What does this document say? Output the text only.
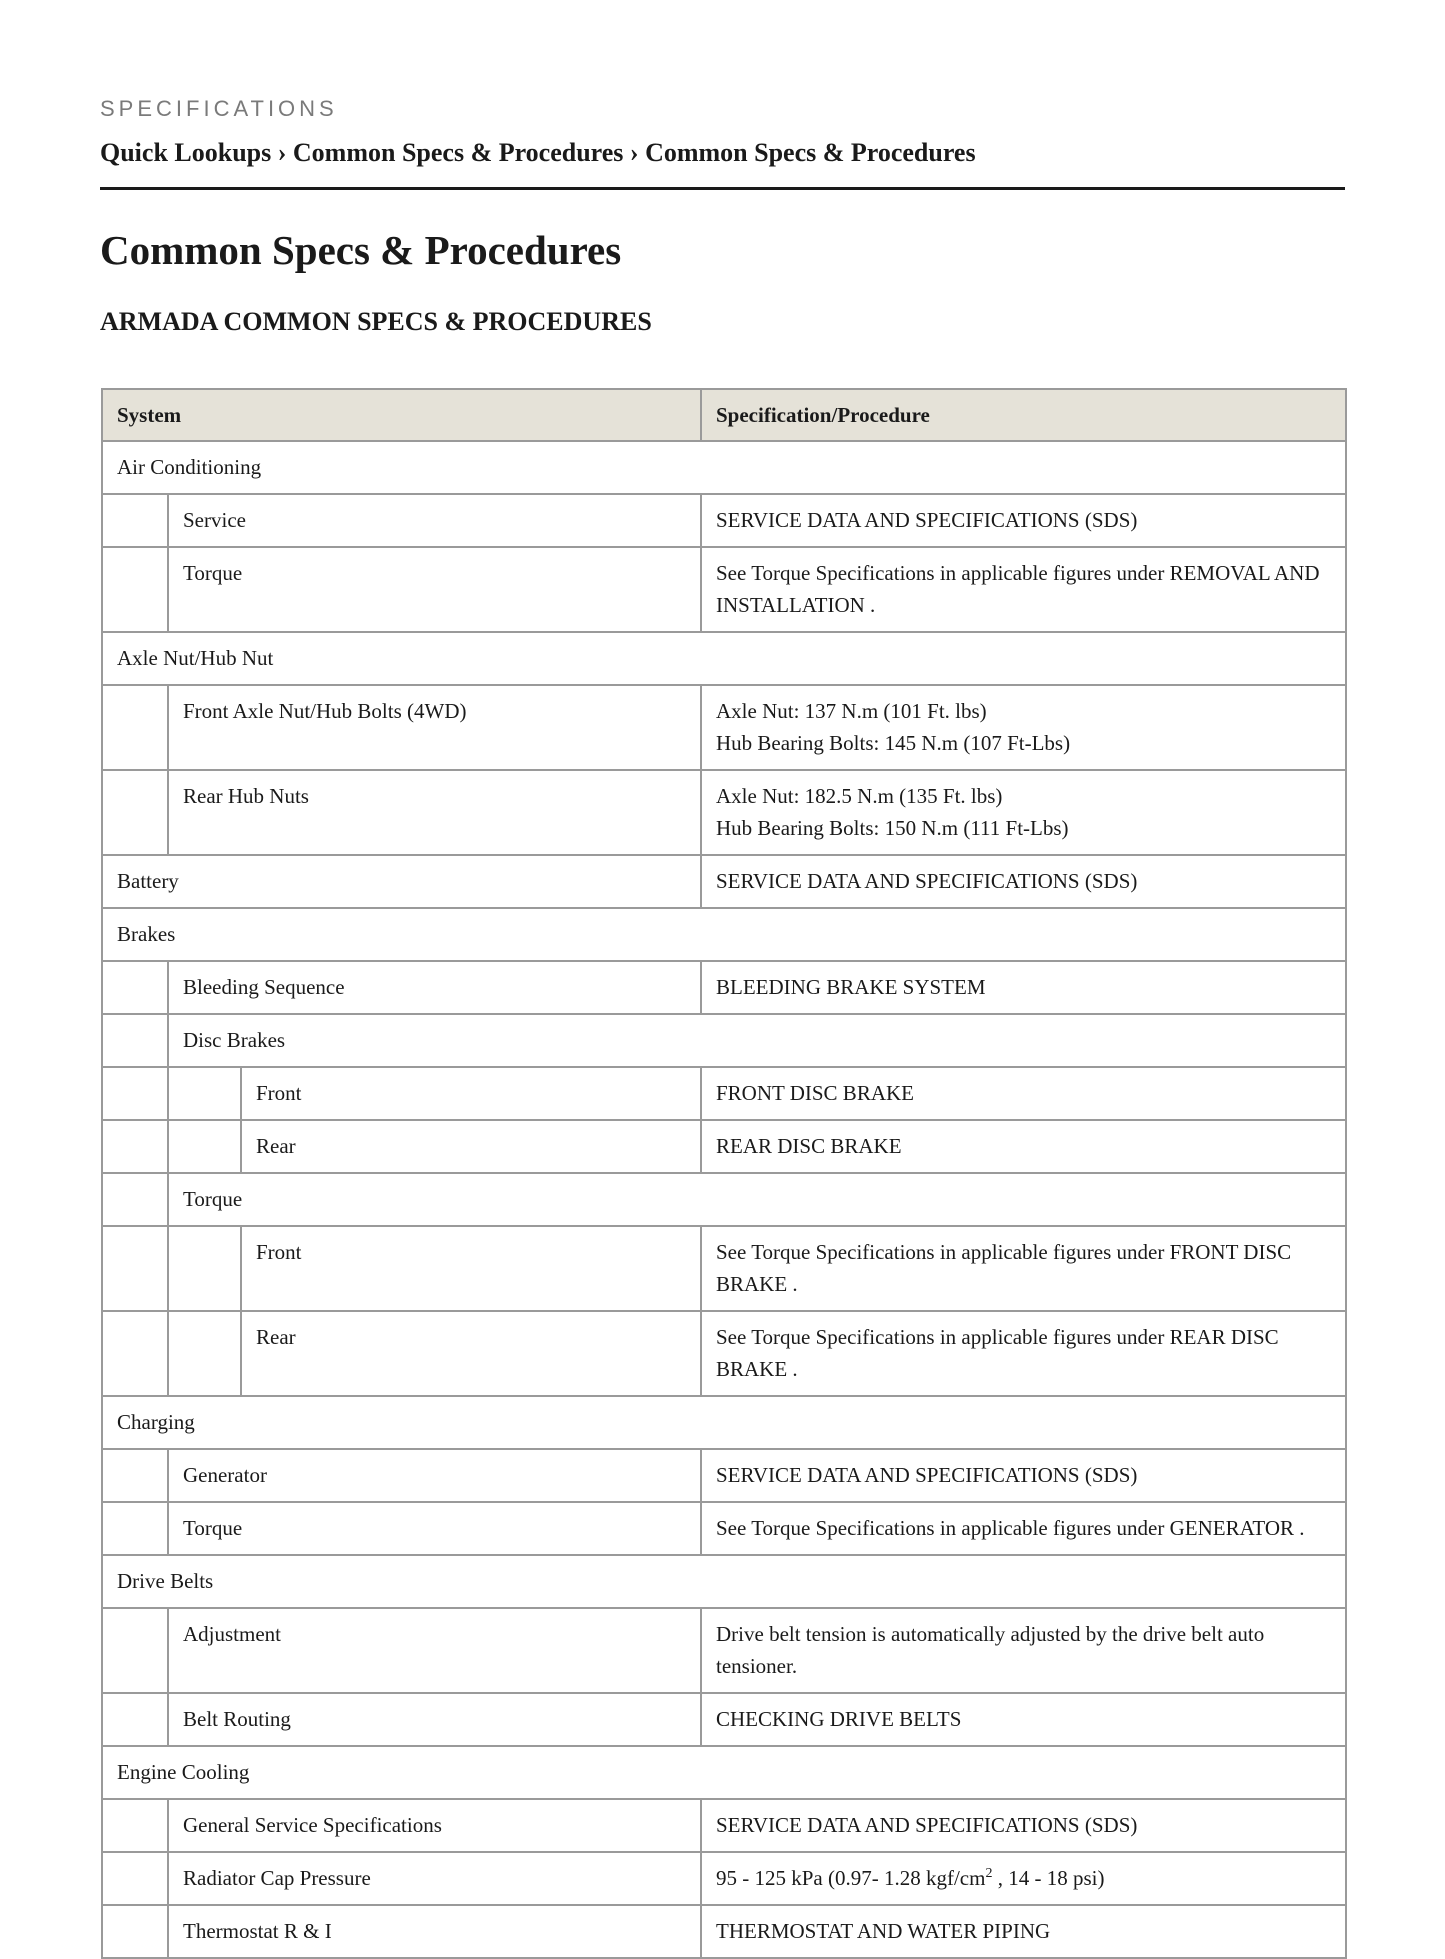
SPECIFICATIONS
Quick Lookups › Common Specs & Procedures › Common Specs & Procedures
Common Specs & Procedures
ARMADA COMMON SPECS & PROCEDURES
System			Specification/Procedure
Air Conditioning			
	Service		SERVICE DATA AND SPECIFICATIONS (SDS)
	Torque		See Torque Specifications in applicable figures under REMOVAL AND INSTALLATION .
Axle Nut/Hub Nut			
	Front Axle Nut/Hub Bolts (4WD)		Axle Nut: 137 N.m (101 Ft. lbs)
Hub Bearing Bolts: 145 N.m (107 Ft-Lbs)

	Rear Hub Nuts		Axle Nut: 182.5 N.m (135 Ft. lbs)
Hub Bearing Bolts: 150 N.m (111 Ft-Lbs)

Battery			SERVICE DATA AND SPECIFICATIONS (SDS)
Brakes			
	Bleeding Sequence		BLEEDING BRAKE SYSTEM
	Disc Brakes		
		Front	FRONT DISC BRAKE
		Rear	REAR DISC BRAKE
	Torque		
		Front	See Torque Specifications in applicable figures under FRONT DISC BRAKE .
		Rear	See Torque Specifications in applicable figures under REAR DISC BRAKE .
Charging			
	Generator		SERVICE DATA AND SPECIFICATIONS (SDS)
	Torque		See Torque Specifications in applicable figures under GENERATOR .
Drive Belts			
	Adjustment		Drive belt tension is automatically adjusted by the drive belt auto tensioner.
	Belt Routing		CHECKING DRIVE BELTS
Engine Cooling			
	General Service Specifications		SERVICE DATA AND SPECIFICATIONS (SDS)
	Radiator Cap Pressure		95 - 125 kPa (0.97- 1.28 kgf/$cm^2$ , 14 - 18 psi)
	Thermostat R & I		THERMOSTAT AND WATER PIPING
